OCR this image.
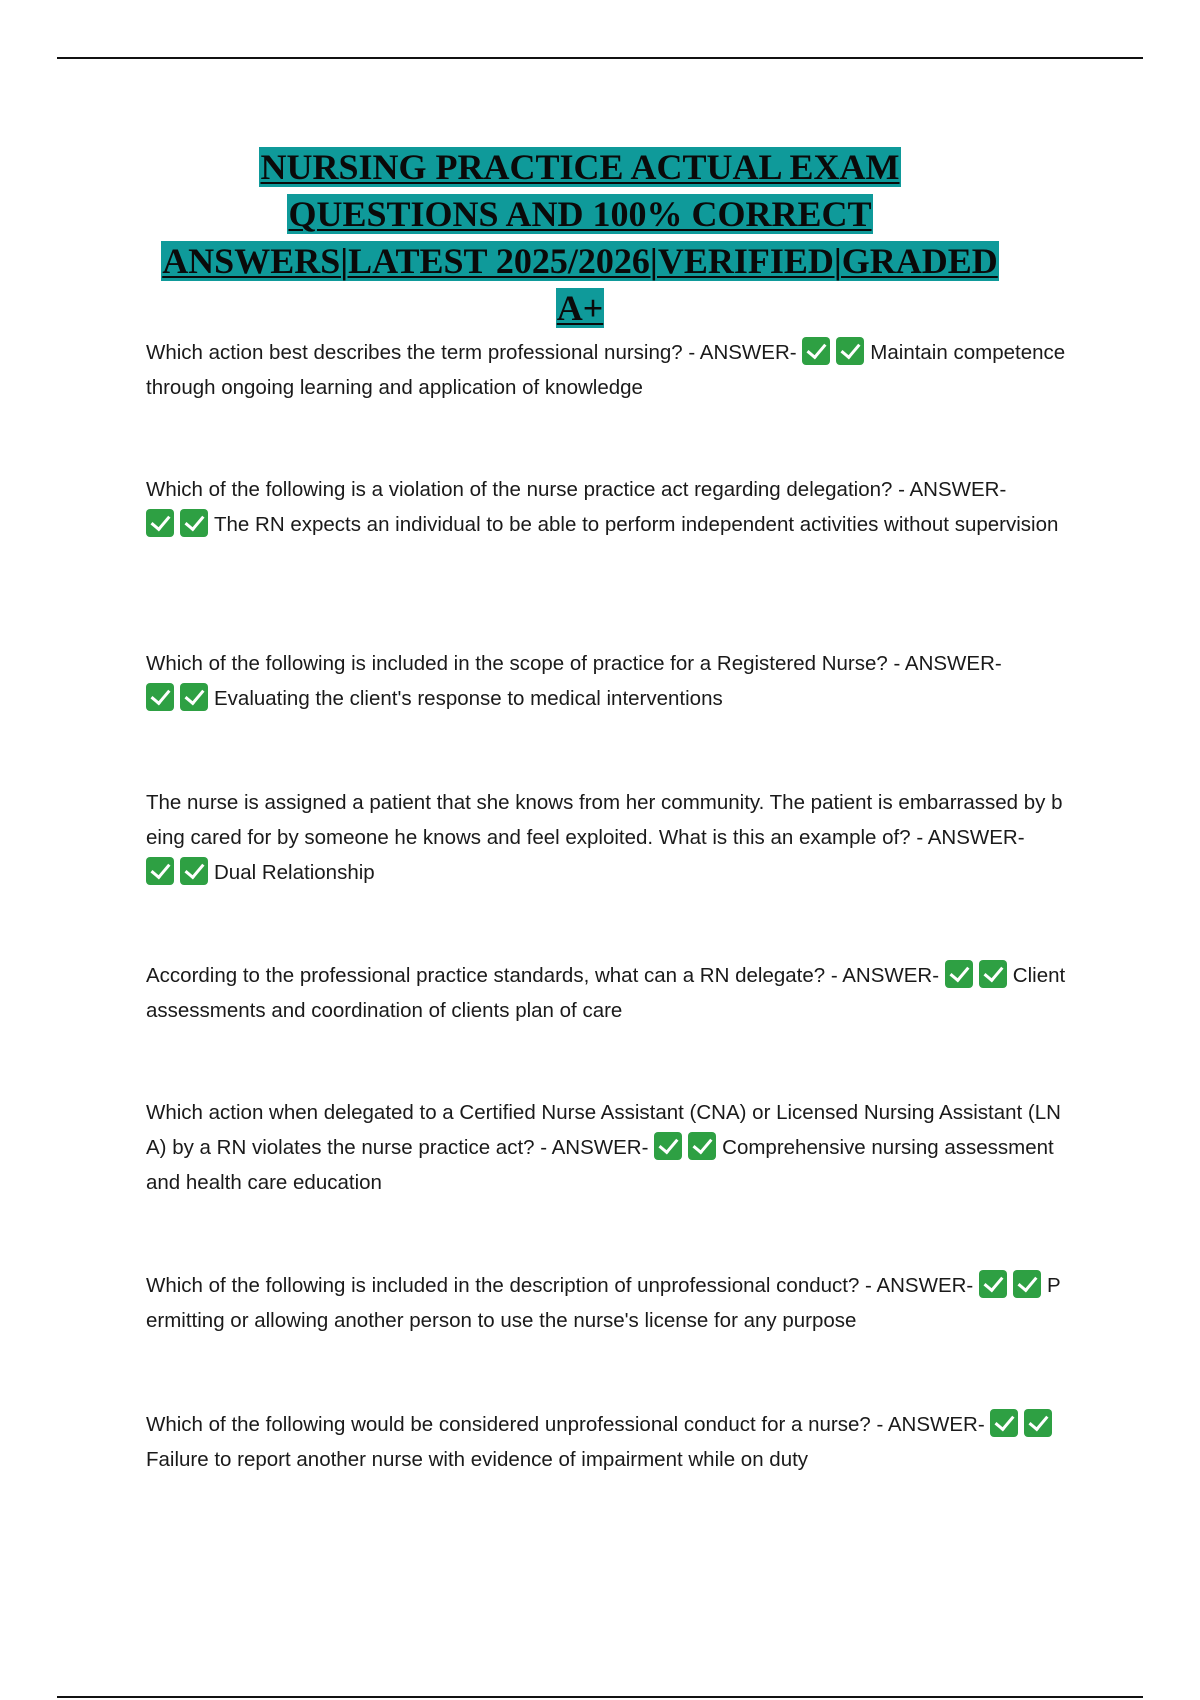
NURSING PRACTICE ACTUAL EXAM
QUESTIONS AND 100% CORRECT
ANSWERS|LATEST 2025/2026|VERIFIED|GRADED
A+
Which action best describes the term professional nursing? - ANSWER-	Maintain competence through ongoing learning and application of knowledge
Which of the following is a violation of the nurse practice act regarding delegation? - ANSWER- The RN expects an individual to be able to perform independent activities without supervision
Which of the following is included in the scope of practice for a Registered Nurse? - ANSWER- Evaluating the client's response to medical interventions
The nurse is assigned a patient that she knows from her community. The patient is embarrassed by being cared for by someone he knows and feel exploited. What is this an example of? - ANSWER- Dual Relationship
According to the professional practice standards, what can a RN delegate? - ANSWER-	Client assessments and coordination of clients plan of care
Which action when delegated to a Certified Nurse Assistant (CNA) or Licensed Nursing Assistant (LNA) by a RN violates the nurse practice act? - ANSWER-	Comprehensive nursing assessment and health care education
Which of the following is included in the description of unprofessional conduct? - ANSWER-	Permitting or allowing another person to use the nurse's license for any purpose
Which of the following would be considered unprofessional conduct for a nurse? - ANSWER- Failure to report another nurse with evidence of impairment while on duty
